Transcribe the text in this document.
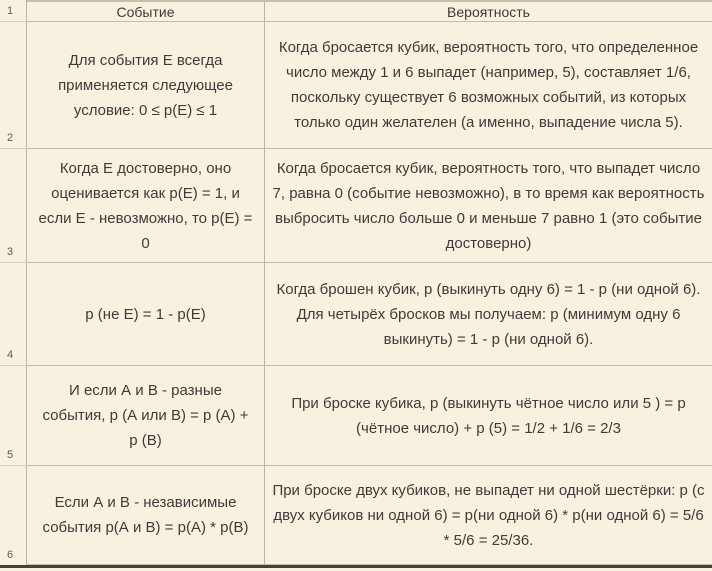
1	Событие	Вероятность
2
Для события Е всегда применяется следующее условие: 0 ≤ р(Е) ≤ 1
Когда бросается кубик, вероятность того, что определенное число между 1 и 6 выпадет (например, 5), составляет 1/6, поскольку существует 6 возможных событий, из которых только один желателен (а именно, выпадение числа 5).
3
Когда Е достоверно, оно оценивается как р(Е) = 1, и если Е - невозможно, то р(Е) = 0
Когда бросается кубик, вероятность того, что выпадет число 7, равна 0 (событие невозможно), в то время как вероятность выбросить число больше 0 и меньше 7 равно 1 (это событие достоверно)
4
р (не Е) = 1 - р(Е)
Когда брошен кубик, р (выкинуть одну 6) = 1 - р (ни одной 6). Для четырёх бросков мы получаем: р (минимум одну 6 выкинуть) = 1 - р (ни одной 6).
5
И если А и В - разные события, р (А или В) = р (А) + р (В)
При броске кубика, р (выкинуть чётное число или 5 ) = р (чётное число) + р (5) = 1/2 + 1/6 = 2/3
6
Если А и В - независимые события р(А и В) = р(А) * р(В)
При броске двух кубиков, не выпадет ни одной шестёрки: р (с двух кубиков ни одной 6) = р(ни одной 6) * р(ни одной 6) = 5/6 * 5/6 = 25/36.
